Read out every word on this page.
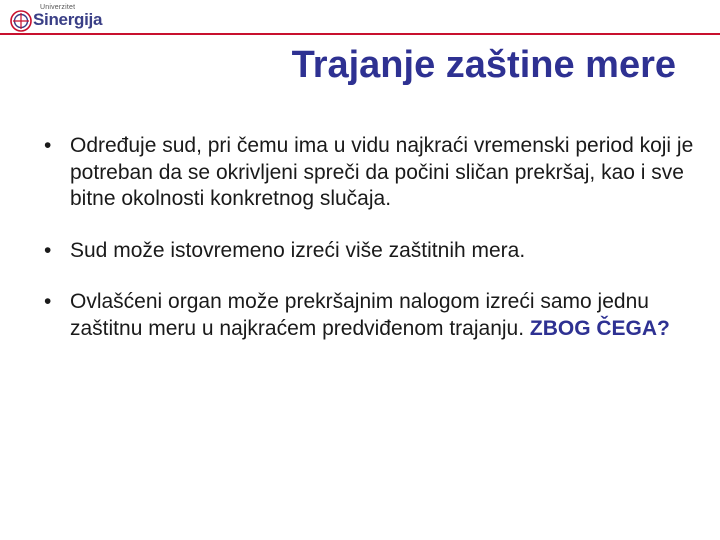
Univerzitet
Sinergija
Trajanje zaštine mere
• Određuje sud, pri čemu ima u vidu najkraći vremenski period koji je potreban da se okrivljeni spreči da počini sličan prekršaj, kao i sve bitne okolnosti konkretnog slučaja.
• Sud može istovremeno izreći više zaštitnih mera.
• Ovlašćeni organ može prekršajnim nalogom izreći samo jednu zaštitnu meru u najkraćem predviđenom trajanju. ZBOG ČEGA?
